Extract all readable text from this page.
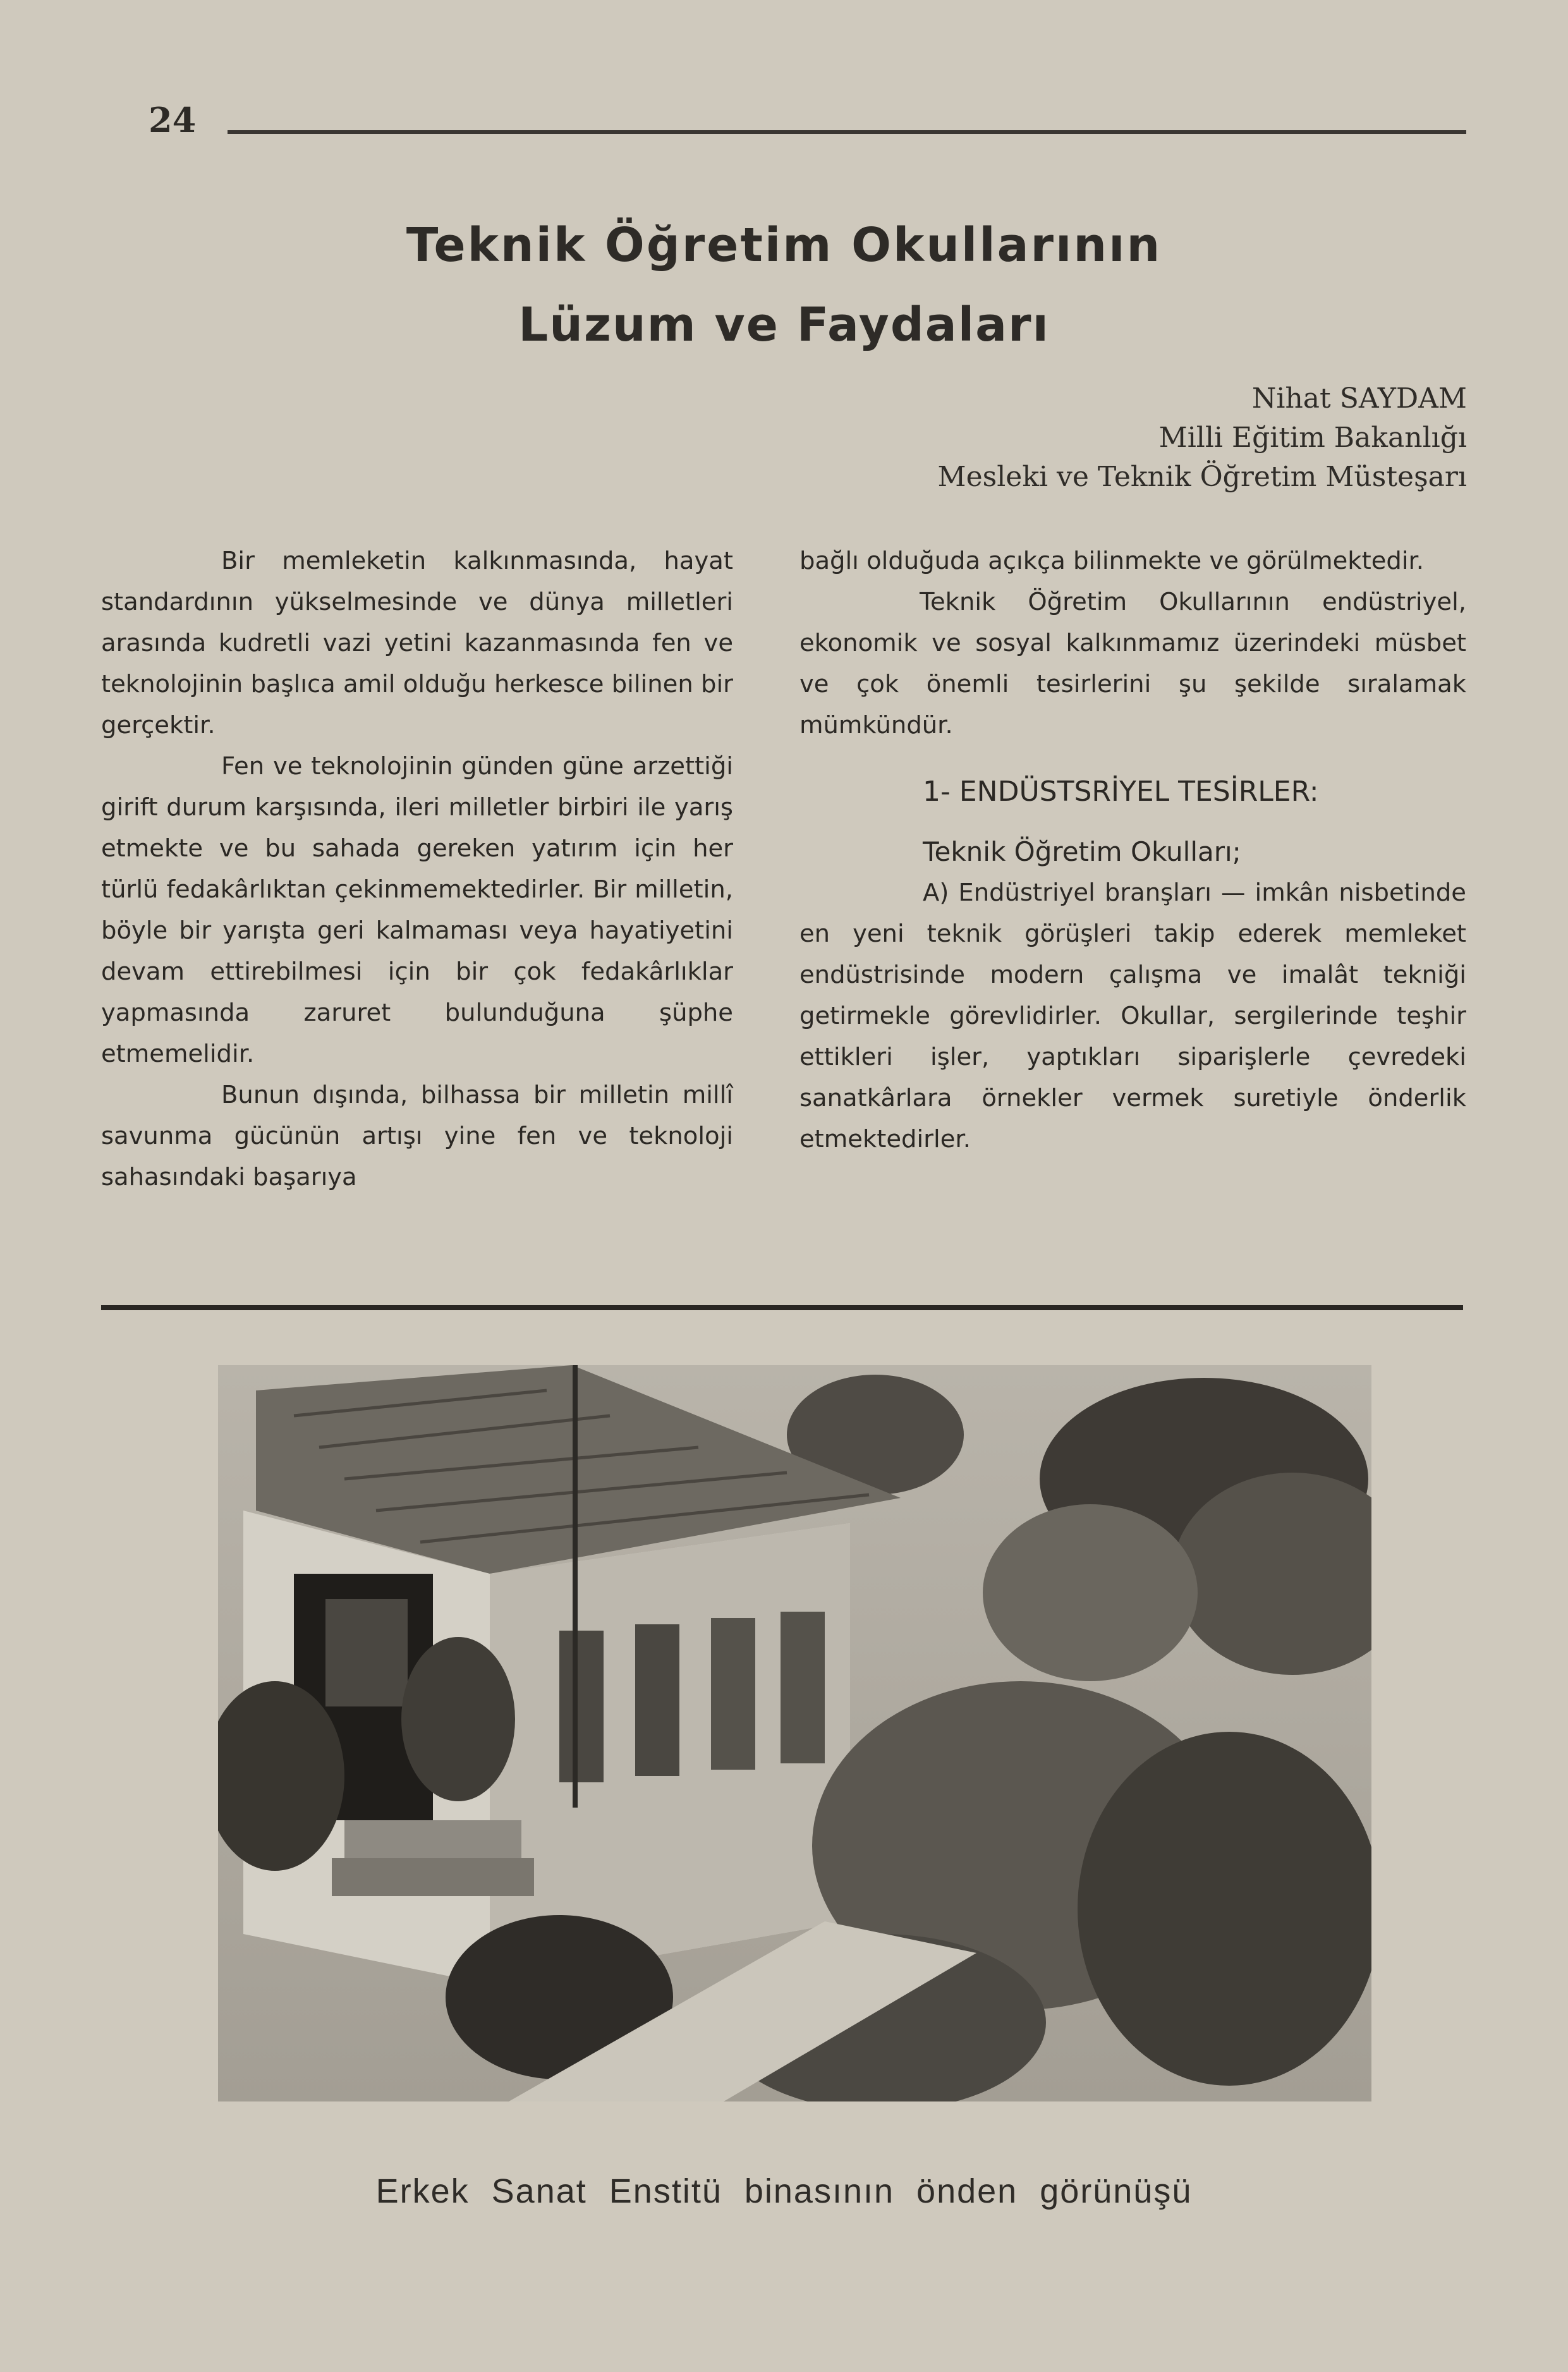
24
Teknik Öğretim Okullarının
Lüzum ve Faydaları
Nihat SAYDAM
Milli Eğitim Bakanlığı
Mesleki ve Teknik Öğretim Müsteşarı

Bir memleketin kalkınmasında, hayat standardının yükselmesinde ve dünya milletleri arasında kudretli vazi yetini kazanmasında fen ve teknolojinin başlıca amil olduğu herkesce bilinen bir gerçektir.

Fen ve teknolojinin günden güne arzettiği girift durum karşısında, ileri milletler birbiri ile yarış etmekte ve bu sahada gereken yatırım için her türlü fedakârlıktan çekinmemektedirler. Bir milletin, böyle bir yarışta geri kalmaması veya hayatiyetini devam ettirebilmesi için bir çok fedakârlıklar yapmasında zaruret bulunduğuna şüphe etmemelidir.

Bunun dışında, bilhassa bir milletin millî savunma gücünün artışı yine fen ve teknoloji sahasındaki başarıya

bağlı olduğuda açıkça bilinmekte ve görülmektedir.

Teknik Öğretim Okullarının endüstriyel, ekonomik ve sosyal kalkınmamız üzerindeki müsbet ve çok önemli tesirlerini şu şekilde sıralamak mümkündür.

1- ENDÜSTSRİYEL TESİRLER:

Teknik Öğretim Okulları;

A) Endüstriyel branşları — imkân nisbetinde en yeni teknik görüşleri takip ederek memleket endüstrisinde modern çalışma ve imalât tekniği getirmekle görevlidirler. Okullar, sergilerinde teşhir ettikleri işler, yaptıkları siparişlerle çevredeki sanatkârlara örnekler vermek suretiyle önderlik etmektedirler.

Erkek Sanat Enstitü binasının önden görünüşü
